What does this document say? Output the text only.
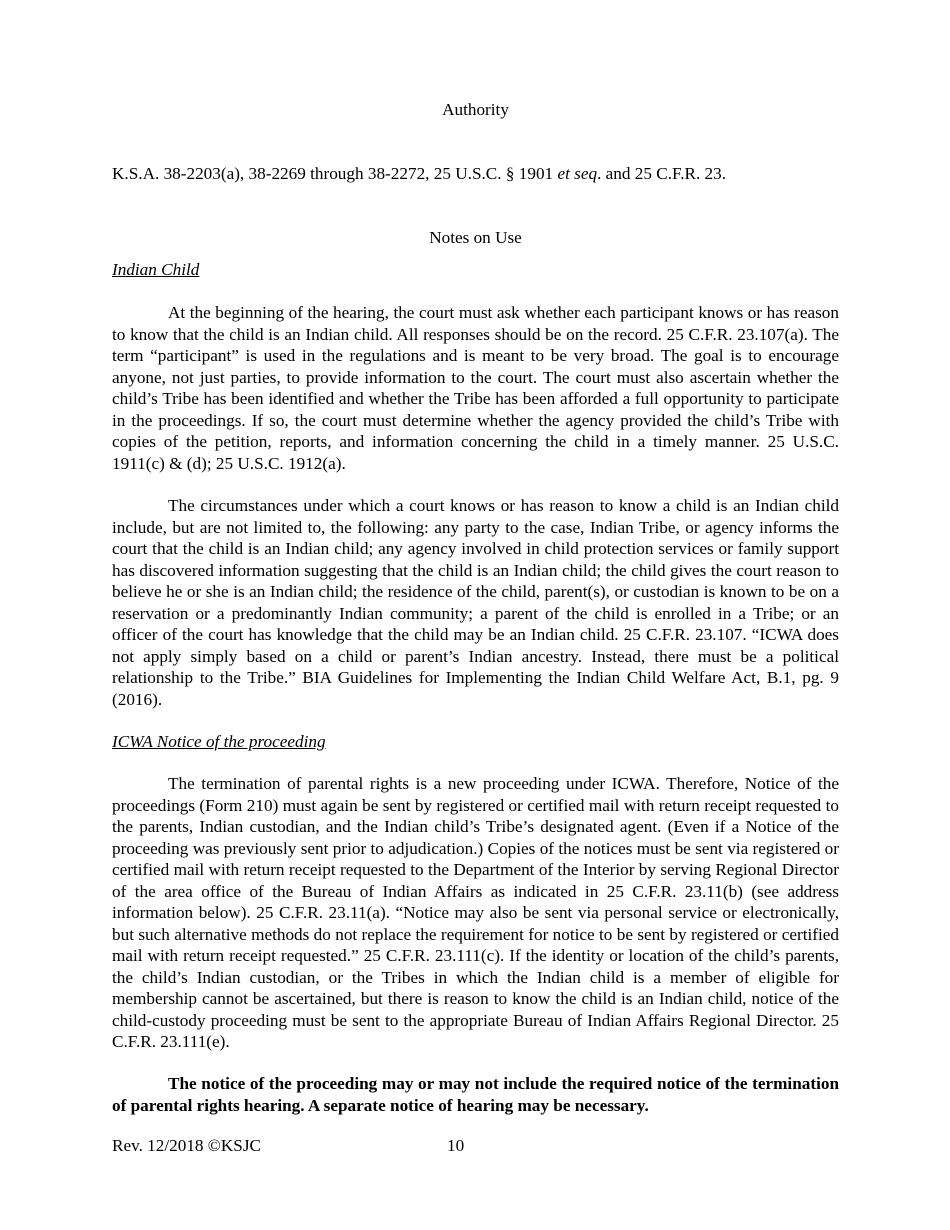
Authority
K.S.A. 38-2203(a), 38-2269 through 38-2272, 25 U.S.C. § 1901 et seq. and 25 C.F.R. 23.
Notes on Use
Indian Child

At the beginning of the hearing, the court must ask whether each participant knows or has reason to know that the child is an Indian child. All responses should be on the record. 25 C.F.R. 23.107(a). The term “participant” is used in the regulations and is meant to be very broad. The goal is to encourage anyone, not just parties, to provide information to the court. The court must also ascertain whether the child’s Tribe has been identified and whether the Tribe has been afforded a full opportunity to participate in the proceedings. If so, the court must determine whether the agency provided the child’s Tribe with copies of the petition, reports, and information concerning the child in a timely manner. 25 U.S.C. 1911(c) & (d); 25 U.S.C. 1912(a).

The circumstances under which a court knows or has reason to know a child is an Indian child include, but are not limited to, the following: any party to the case, Indian Tribe, or agency informs the court that the child is an Indian child; any agency involved in child protection services or family support has discovered information suggesting that the child is an Indian child; the child gives the court reason to believe he or she is an Indian child; the residence of the child, parent(s), or custodian is known to be on a reservation or a predominantly Indian community; a parent of the child is enrolled in a Tribe; or an officer of the court has knowledge that the child may be an Indian child. 25 C.F.R. 23.107. “ICWA does not apply simply based on a child or parent’s Indian ancestry. Instead, there must be a political relationship to the Tribe.” BIA Guidelines for Implementing the Indian Child Welfare Act, B.1, pg. 9 (2016).

ICWA Notice of the proceeding

The termination of parental rights is a new proceeding under ICWA. Therefore, Notice of the proceedings (Form 210) must again be sent by registered or certified mail with return receipt requested to the parents, Indian custodian, and the Indian child’s Tribe’s designated agent. (Even if a Notice of the proceeding was previously sent prior to adjudication.) Copies of the notices must be sent via registered or certified mail with return receipt requested to the Department of the Interior by serving Regional Director of the area office of the Bureau of Indian Affairs as indicated in 25 C.F.R. 23.11(b) (see address information below). 25 C.F.R. 23.11(a). “Notice may also be sent via personal service or electronically, but such alternative methods do not replace the requirement for notice to be sent by registered or certified mail with return receipt requested.” 25 C.F.R. 23.111(c). If the identity or location of the child’s parents, the child’s Indian custodian, or the Tribes in which the Indian child is a member of eligible for membership cannot be ascertained, but there is reason to know the child is an Indian child, notice of the child-custody proceeding must be sent to the appropriate Bureau of Indian Affairs Regional Director. 25 C.F.R. 23.111(e).

The notice of the proceeding may or may not include the required notice of the termination of parental rights hearing. A separate notice of hearing may be necessary.

Rev. 12/2018 ©KSJC	10
